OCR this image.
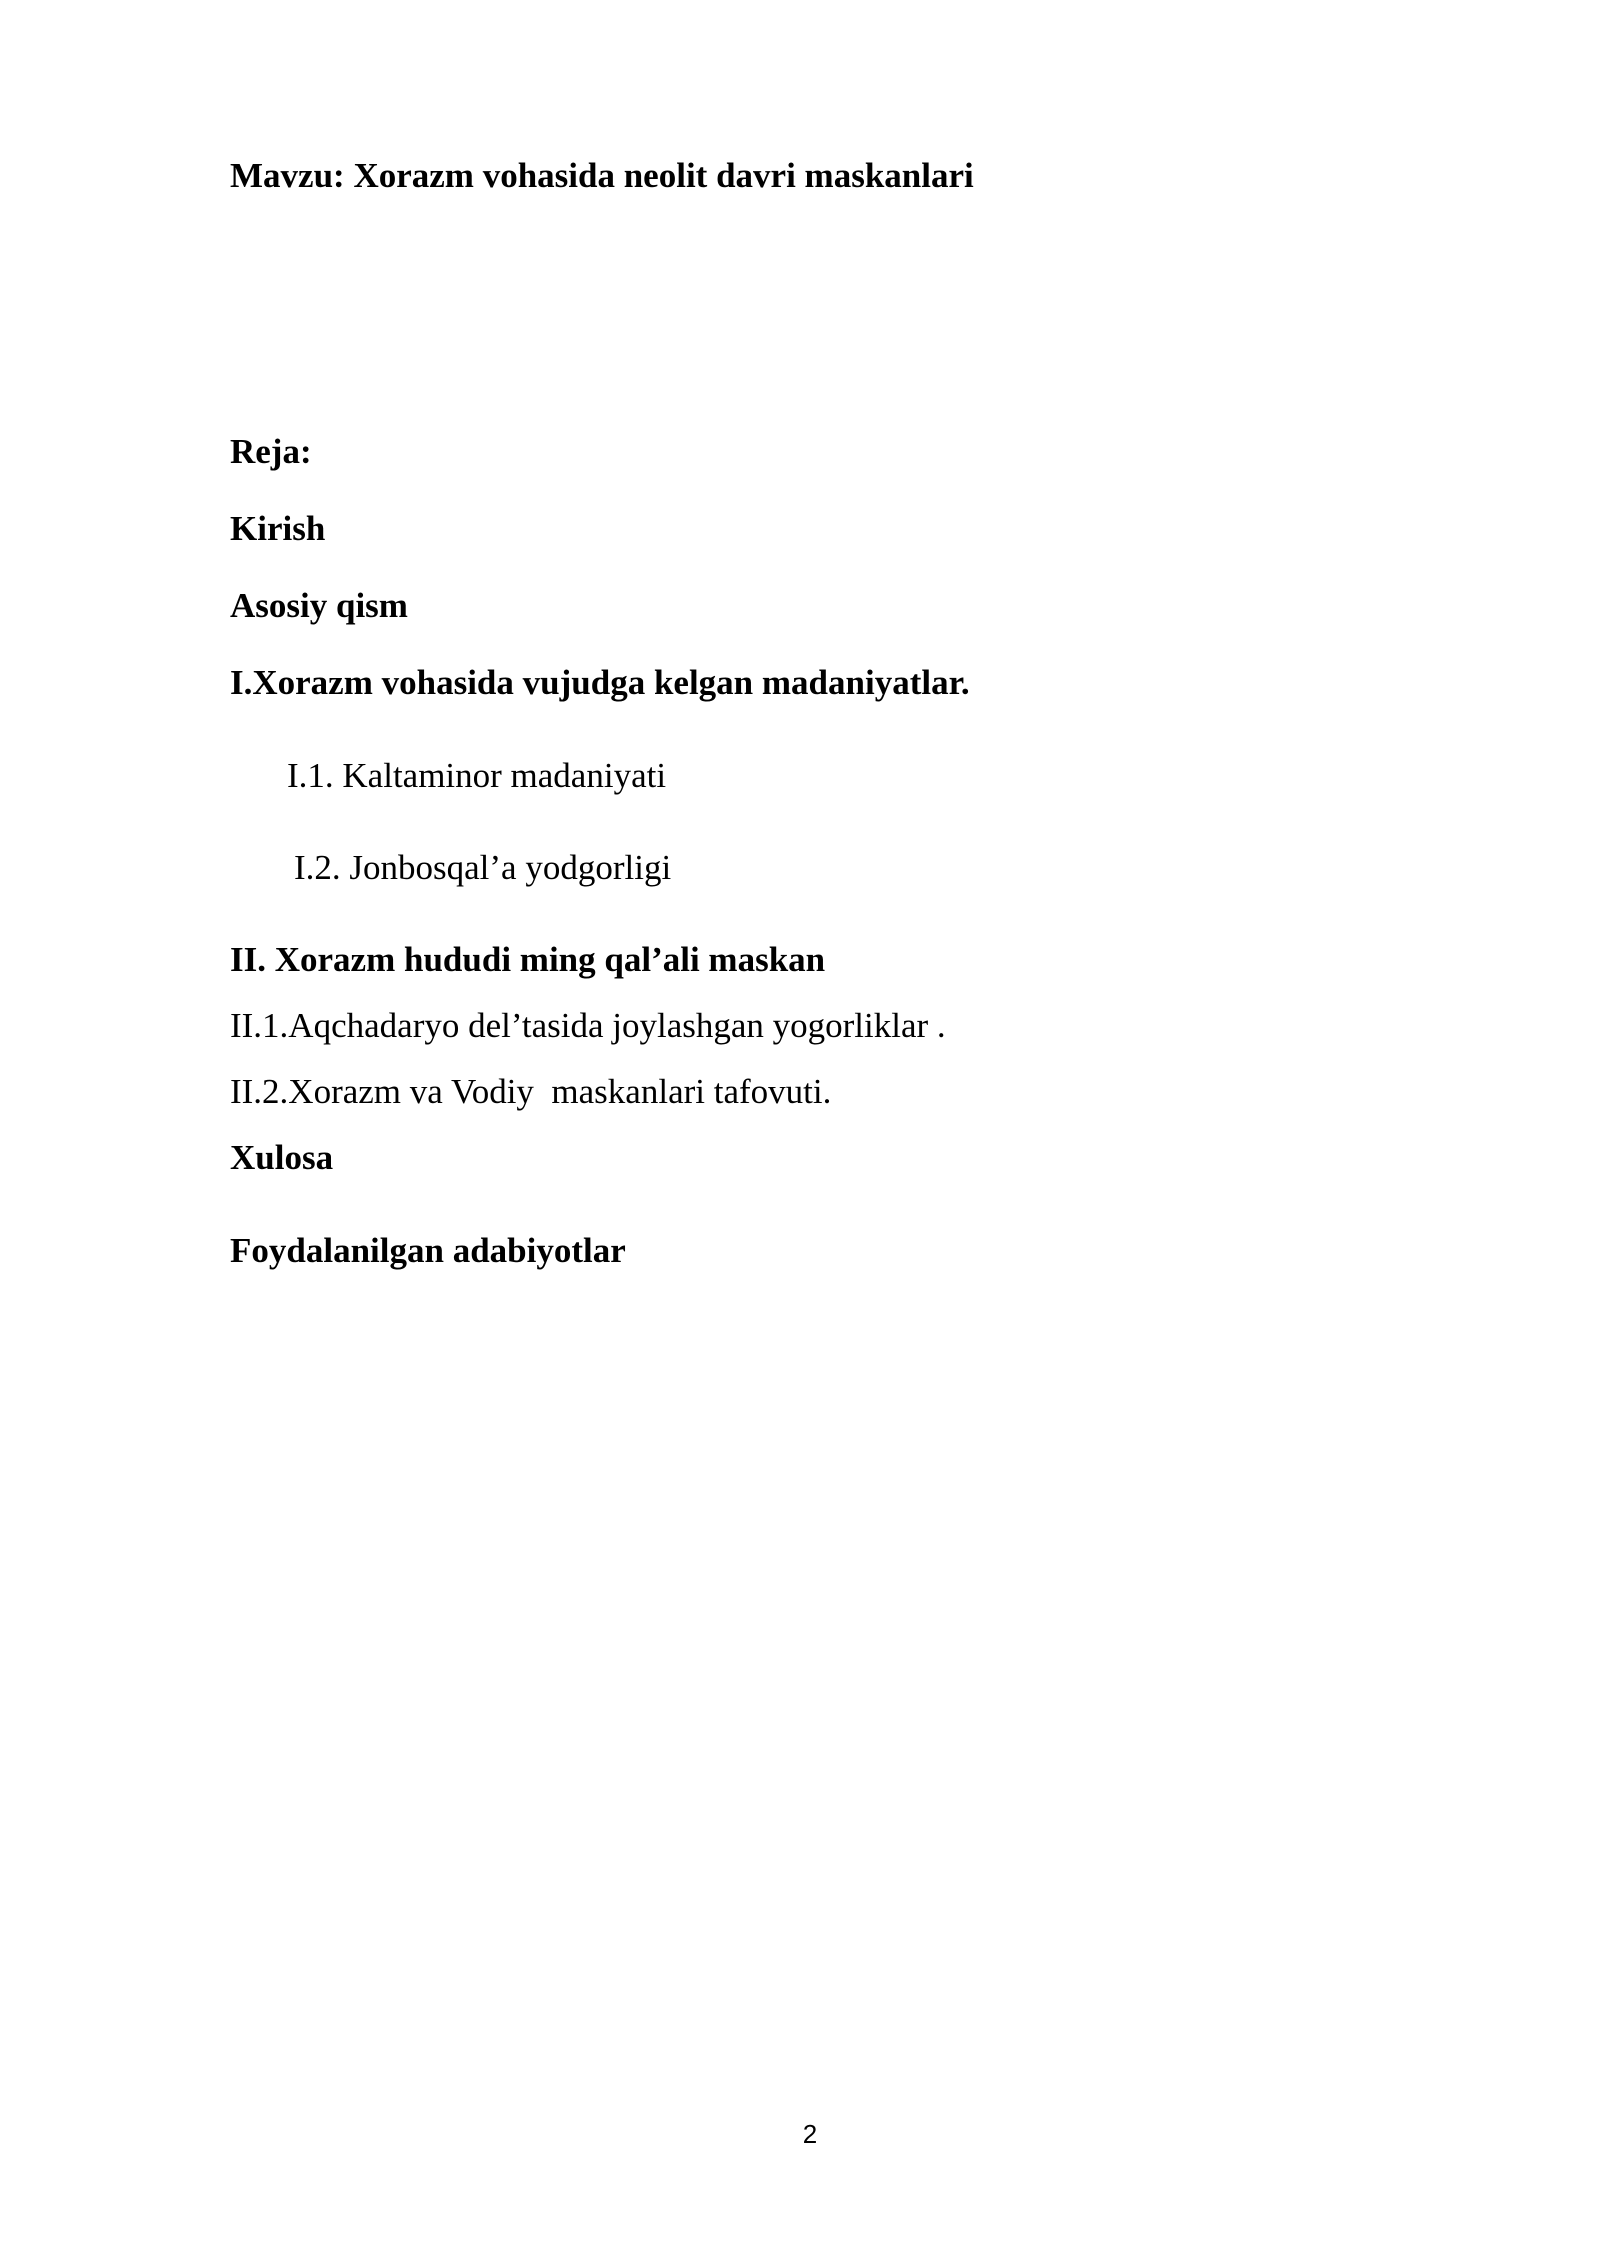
Mavzu: Xorazm vohasida neolit davri maskanlari
Reja:
Kirish
Asosiy qism
I.Xorazm vohasida vujudga kelgan madaniyatlar.
I.1. Kaltaminor madaniyati
I.2. Jonbosqal’a yodgorligi
II. Xorazm hududi ming qal’ali maskan
II.1.Aqchadaryo del’tasida joylashgan yogorliklar .
II.2.Xorazm va Vodiy  maskanlari tafovuti.
Xulosa
Foydalanilgan adabiyotlar
2
